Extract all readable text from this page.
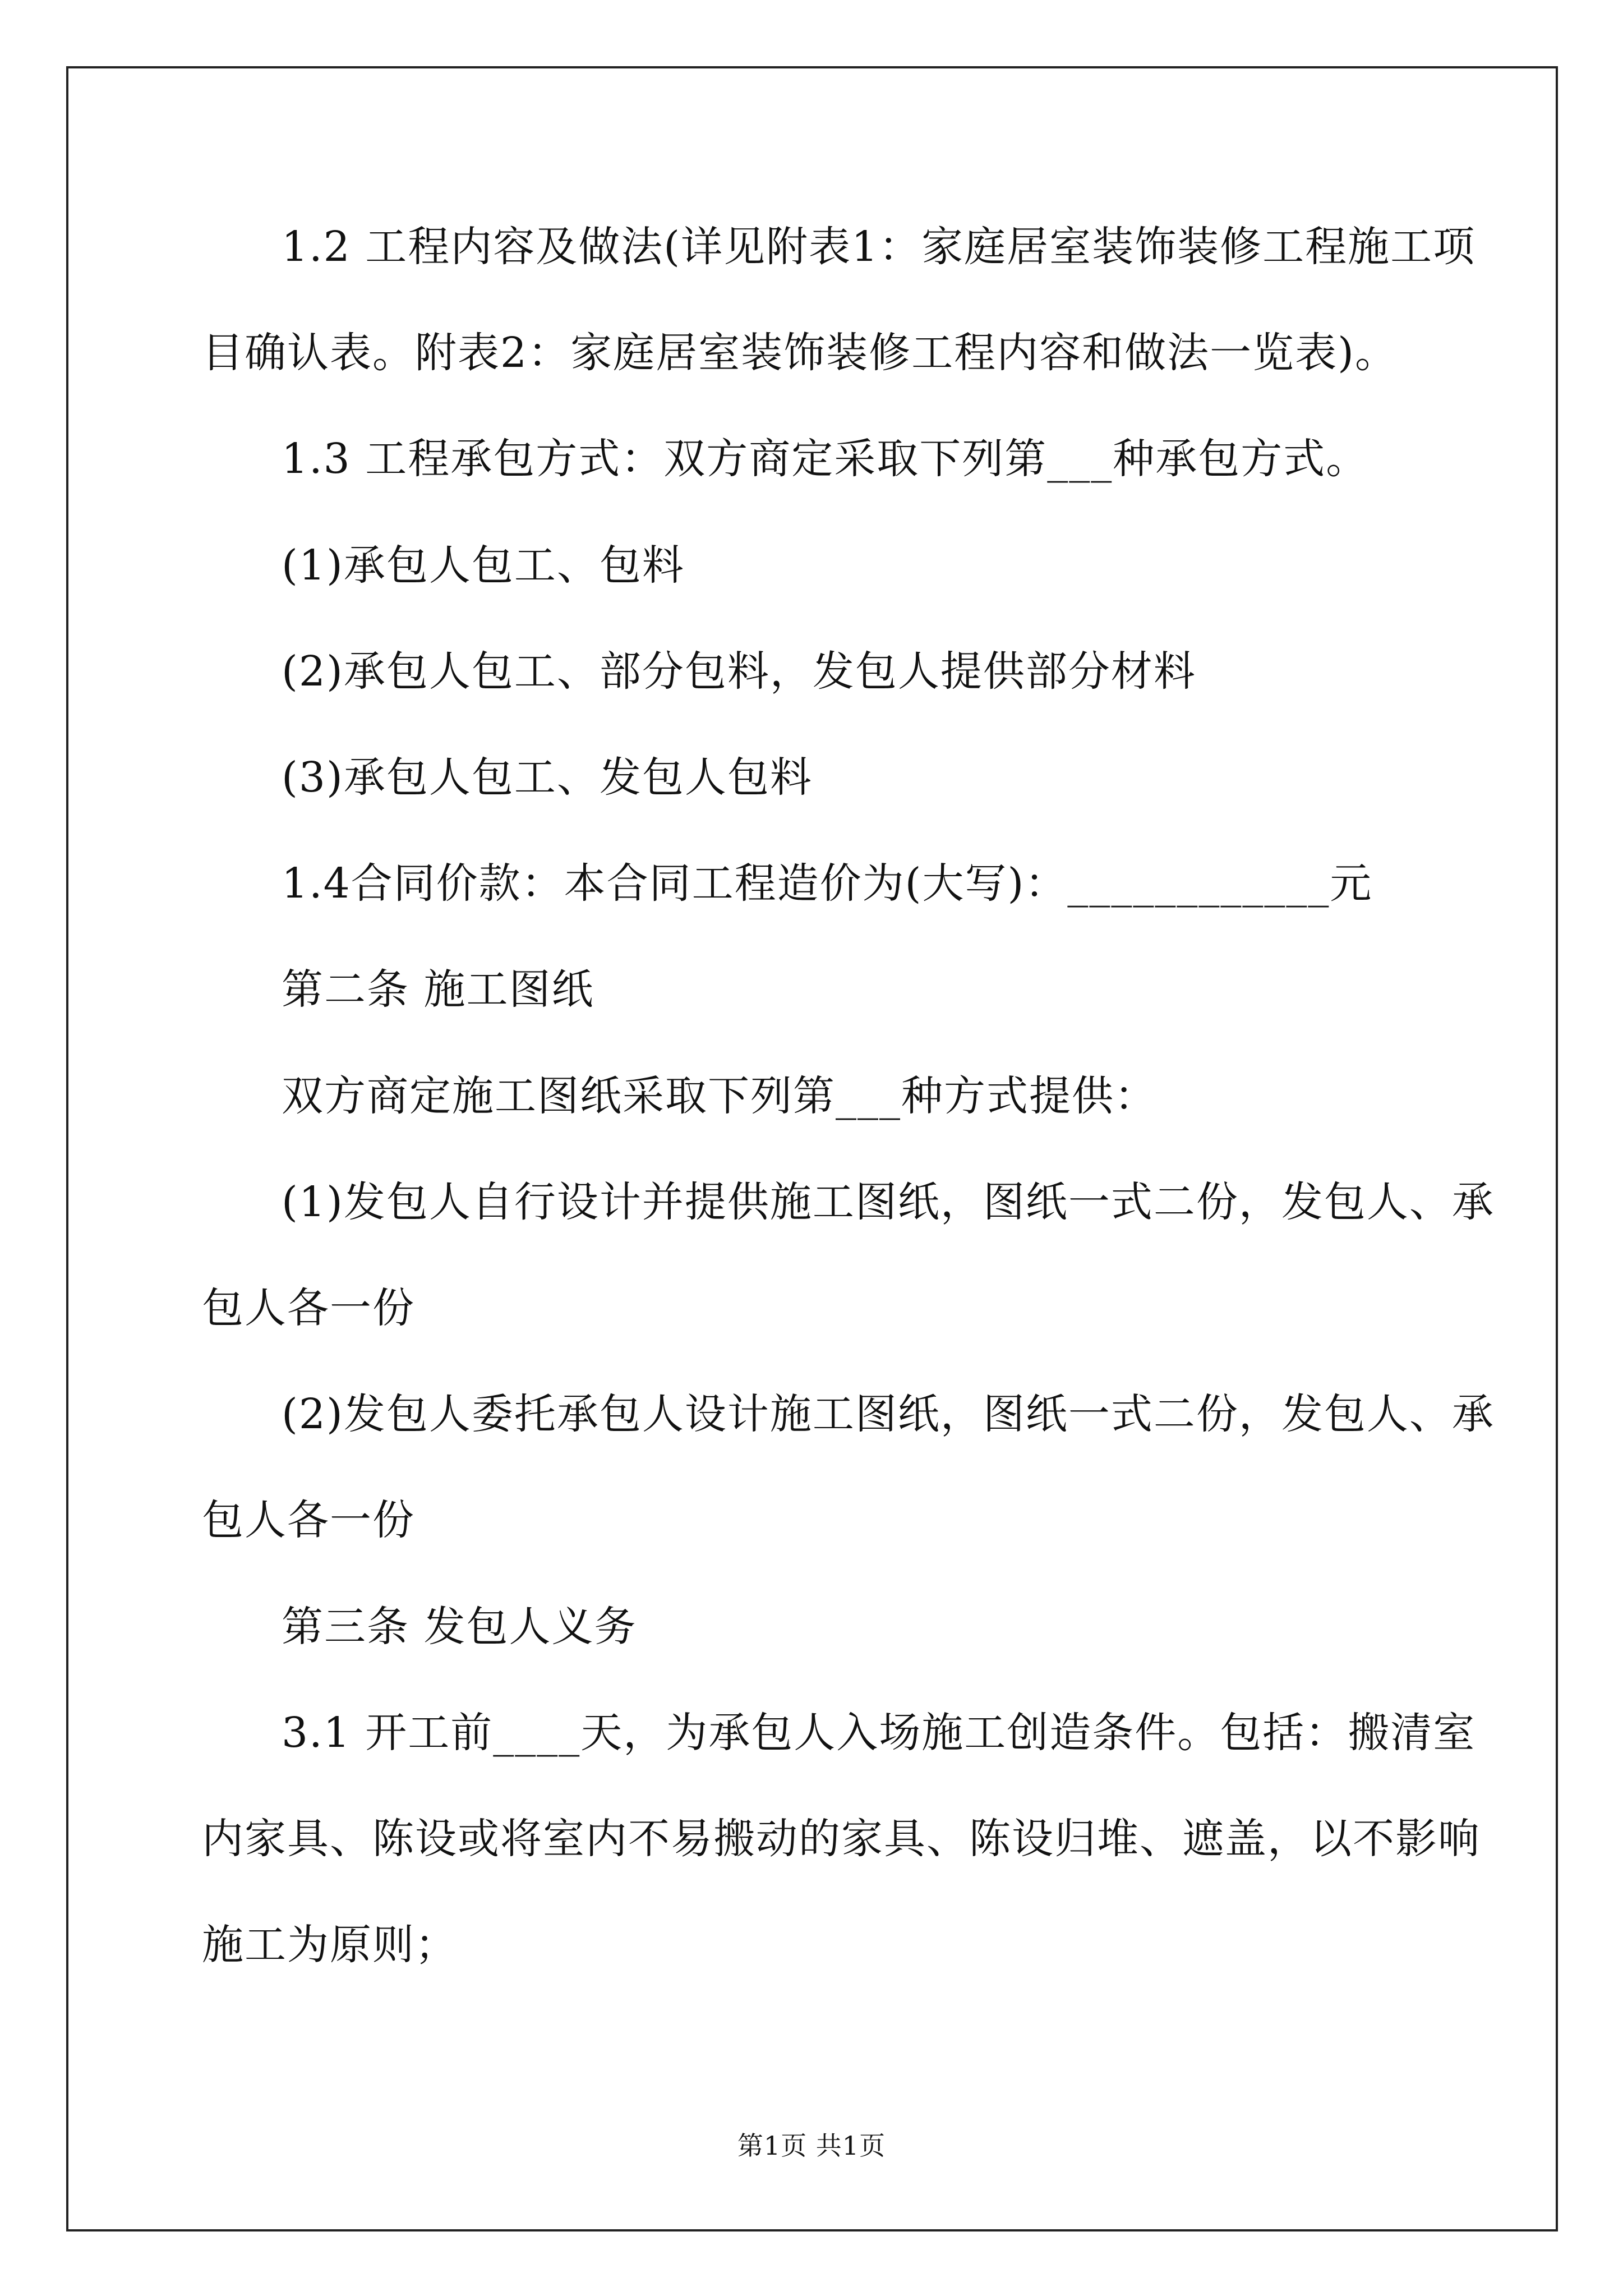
1.2 工程内容及做法(详见附表1：家庭居室装饰装修工程施工项
目确认表。附表2：家庭居室装饰装修工程内容和做法一览表)。
1.3 工程承包方式：双方商定采取下列第___种承包方式。
(1)承包人包工、包料
(2)承包人包工、部分包料，发包人提供部分材料
(3)承包人包工、发包人包料
1.4合同价款：本合同工程造价为(大写)：____________元
第二条 施工图纸
双方商定施工图纸采取下列第___种方式提供：
(1)发包人自行设计并提供施工图纸，图纸一式二份，发包人、承
包人各一份
(2)发包人委托承包人设计施工图纸，图纸一式二份，发包人、承
包人各一份
第三条 发包人义务
3.1 开工前____天，为承包人入场施工创造条件。包括：搬清室
内家具、陈设或将室内不易搬动的家具、陈设归堆、遮盖，以不影响
施工为原则；
第1页 共1页
